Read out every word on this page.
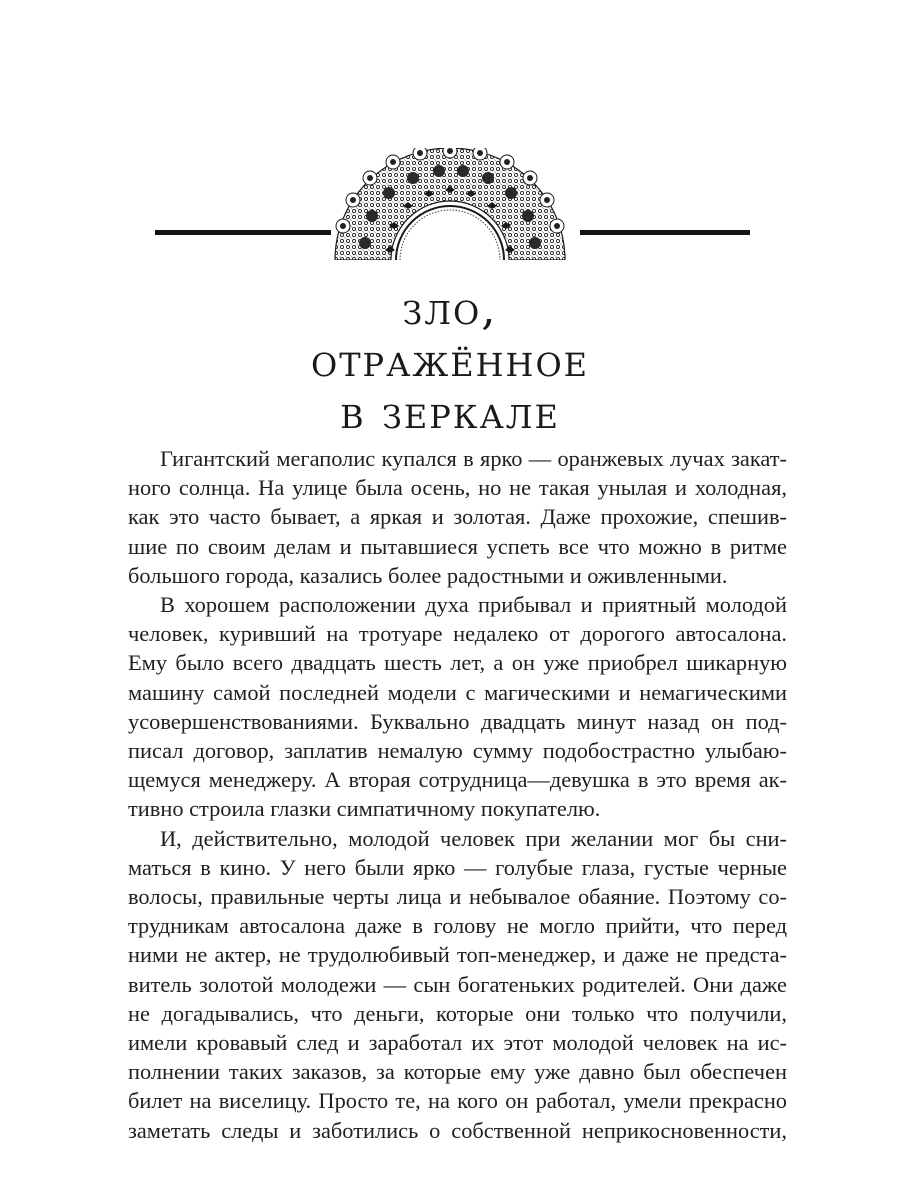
зло,
отражённое
в зеркале
Гигантский мегаполис купался в ярко — оранжевых лучах закат-
ного солнца. На улице была осень, но не такая унылая и холодная,
как это часто бывает, а яркая и золотая. Даже прохожие, спешив-
шие по своим делам и пытавшиеся успеть все что можно в ритме
большого города, казались более радостными и оживленными.
В хорошем расположении духа прибывал и приятный молодой
человек, куривший на тротуаре недалеко от дорогого автосалона.
Ему было всего двадцать шесть лет, а он уже приобрел шикарную
машину самой последней модели с магическими и немагическими
усовершенствованиями. Буквально двадцать минут назад он под-
писал договор, заплатив немалую сумму подобострастно улыбаю-
щемуся менеджеру. А вторая сотрудница—девушка в это время ак-
тивно строила глазки симпатичному покупателю.
И, действительно, молодой человек при желании мог бы сни-
маться в кино. У него были ярко — голубые глаза, густые черные
волосы, правильные черты лица и небывалое обаяние. Поэтому со-
трудникам автосалона даже в голову не могло прийти, что перед
ними не актер, не трудолюбивый топ-менеджер, и даже не предста-
витель золотой молодежи — сын богатеньких родителей. Они даже
не догадывались, что деньги, которые они только что получили,
имели кровавый след и заработал их этот молодой человек на ис-
полнении таких заказов, за которые ему уже давно был обеспечен
билет на виселицу. Просто те, на кого он работал, умели прекрасно
заметать следы и заботились о собственной неприкосновенности,
